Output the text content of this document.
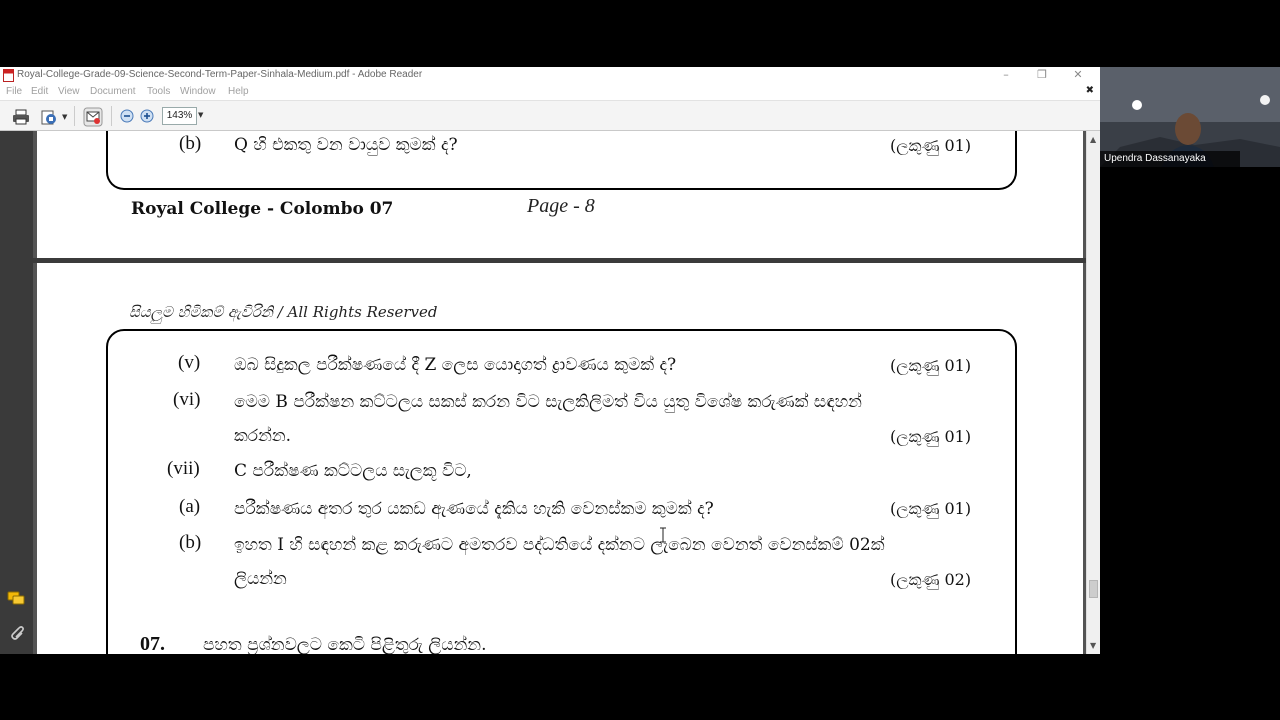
Royal-College-Grade-09-Science-Second-Term-Paper-Sinhala-Medium.pdf - Adobe Reader	–	❐	✕
File Edit View Document Tools Window Help	✖
▼	143% ▼
(b) Q හි එකතු වන වායුව කුමක් ද?	(ලකුණු 01)
Royal College - Colombo 07	Page - 8
සියලුම හිමිකම් ඇවිරිනි / All Rights Reserved
(v) ඔබ සිදුකල පරීක්ෂණයේ දී Z ලෙස යොදාගත් ද්‍රාවණය කුමක් ද?	(ලකුණු 01)
(vi) මෙම B පරීක්ෂන කට්ටලය සකස් කරන විට සැලකිලිමත් විය යුතු විශේෂ කරුණක් සඳහන්
කරන්න.	(ලකුණු 01)
(vii) C පරීක්ෂණ කට්ටලය සැලකූ විට,
(a) පරීක්ෂණය අතර තුර යකඩ ඇණයේ දැකිය හැකි වෙනස්කම කුමක් ද?	(ලකුණු 01)
(b) ඉහත I හි සඳහන් කළ කරුණට අමතරව පද්ධතියේ දක්නට ලැබෙන වෙනත් වෙනස්කම් 02ක්
ලියන්න	(ලකුණු 02)
07. පහත ප්‍රශ්නවලට කෙටි පිළිතුරු ලියන්න.
▲
▼
Upendra Dassanayaka
